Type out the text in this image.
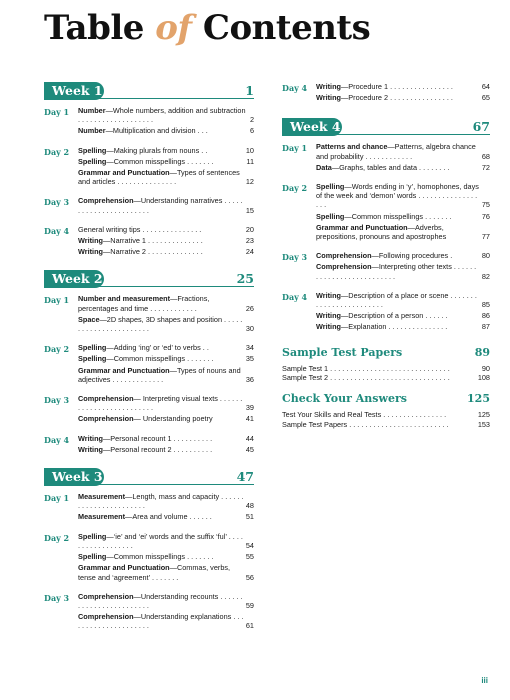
Table of Contents
Week 1	1
Day 1	Number—Whole numbers, addition and subtraction . . . . . . . . . . . . . . . . . . .	2
Number—Multiplication and division . . .	6
Day 2	Spelling—Making plurals from nouns . .	10
Spelling—Common misspellings . . . . . . .	11
Grammar and Punctuation—Types of sentences and articles . . . . . . . . . . . . . . .	12
Day 3	Comprehension—Understanding narratives . . . . . . . . . . . . . . . . . . . . . . .	15
Day 4	General writing tips . . . . . . . . . . . . . . .	20
Writing—Narrative 1 . . . . . . . . . . . . . .	23
Writing—Narrative 2 . . . . . . . . . . . . . .	24
Week 2	25
Day 1	Number and measurement—Fractions, percentages and time . . . . . . . . . . . .	26
Space—2D shapes, 3D shapes and position . . . . . . . . . . . . . . . . . . . . . . .	30
Day 2	Spelling—Adding ‘ing’ or ‘ed’ to verbs . .	34
Spelling—Common misspellings . . . . . . .	35
Grammar and Punctuation—Types of nouns and adjectives . . . . . . . . . . . . .	36
Day 3	Comprehension— Interpreting visual texts . . . . . . . . . . . . . . . . . . . . . . . . .	39
Comprehension— Understanding poetry	41
Day 4	Writing—Personal recount 1 . . . . . . . . . .	44
Writing—Personal recount 2 . . . . . . . . . .	45
Week 3	47
Day 1	Measurement—Length, mass and capacity . . . . . . . . . . . . . . . . . . . . . . .	48
Measurement—Area and volume . . . . . .	51
Day 2	Spelling—‘ie’ and ‘ei’ words and the suffix ‘ful’ . . . . . . . . . . . . . . . . . .	54
Spelling—Common misspellings . . . . . . .	55
Grammar and Punctuation—Commas, verbs, tense and ‘agreement’ . . . . . . .	56
Day 3	Comprehension—Understanding recounts . . . . . . . . . . . . . . . . . . . . . . . .	59
Comprehension—Understanding explanations . . . . . . . . . . . . . . . . . . . . .	61
Day 4	Writing—Procedure 1 . . . . . . . . . . . . . . . .	64
Writing—Procedure 2 . . . . . . . . . . . . . . . .	65
Week 4	67
Day 1	Patterns and chance—Patterns, algebra chance and probability . . . . . . . . . . . .	68
Data—Graphs, tables and data . . . . . . . .	72
Day 2	Spelling—Words ending in ‘y’, homophones, days of the week and ‘demon’ words . . . . . . . . . . . . . . . . . .	75
Spelling—Common misspellings . . . . . . .	76
Grammar and Punctuation—Adverbs, prepositions, pronouns and apostrophes	77
Day 3	Comprehension—Following procedures .	80
Comprehension—Interpreting other texts . . . . . . . . . . . . . . . . . . . . . . . . . .	82
Day 4	Writing—Description of a place or scene . . . . . . . . . . . . . . . . . . . . . . . .	85
Writing—Description of a person . . . . . .	86
Writing—Explanation . . . . . . . . . . . . . . .	87
Sample Test Papers	89
Sample Test 1 . . . . . . . . . . . . . . . . . . . . . . . . . . . . . .	90
Sample Test 2 . . . . . . . . . . . . . . . . . . . . . . . . . . . . . .	108
Check Your Answers	125
Test Your Skills and Real Tests . . . . . . . . . . . . . . . .	125
Sample Test Papers . . . . . . . . . . . . . . . . . . . . . . . . .	153
iii
